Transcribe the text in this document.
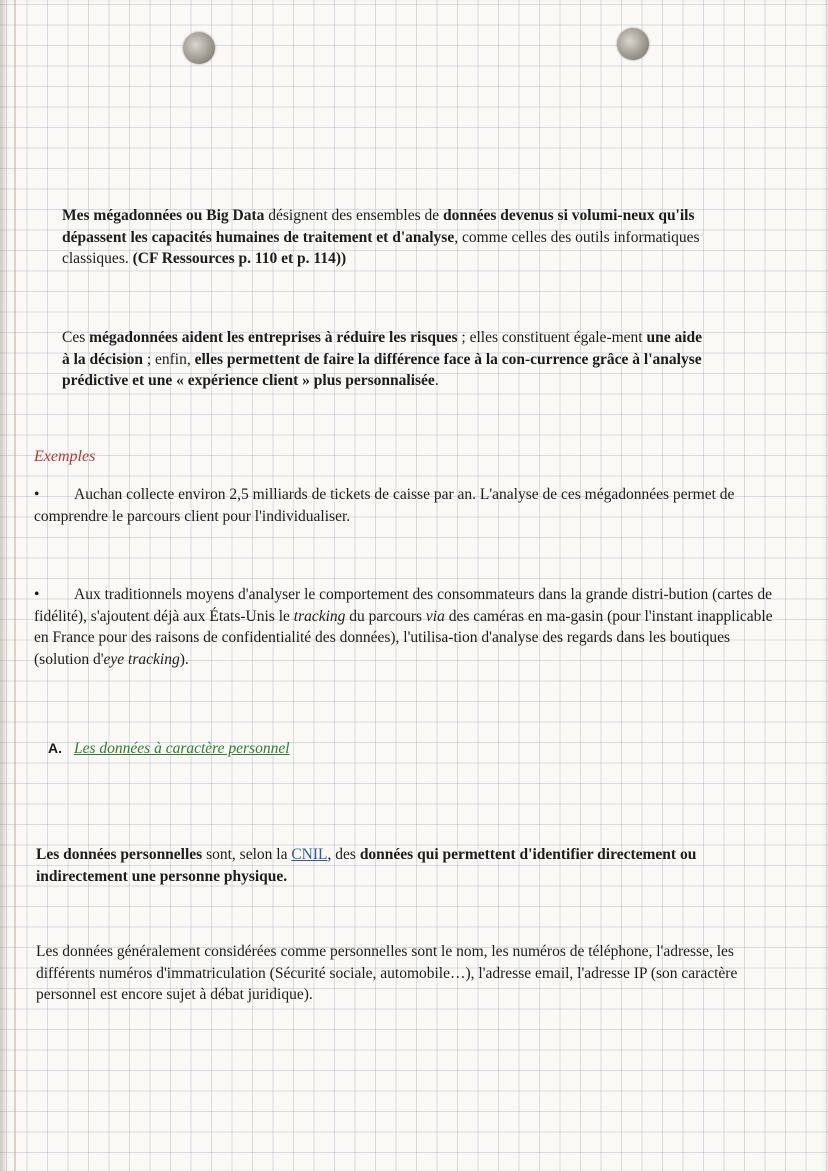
Mes mégadonnées ou Big Data désignent des ensembles de données devenus si volumi-neux qu'ils dépassent les capacités humaines de traitement et d'analyse, comme celles des outils informatiques classiques. (CF Ressources p. 110 et p. 114))
Ces mégadonnées aident les entreprises à réduire les risques ; elles constituent égale-ment une aide à la décision ; enfin, elles permettent de faire la différence face à la con-currence grâce à l'analyse prédictive et une « expérience client » plus personnalisée.
Exemples
• Auchan collecte environ 2,5 milliards de tickets de caisse par an. L'analyse de ces mégadonnées permet de comprendre le parcours client pour l'individualiser.
• Aux traditionnels moyens d'analyser le comportement des consommateurs dans la grande distri-bution (cartes de fidélité), s'ajoutent déjà aux États-Unis le tracking du parcours via des caméras en ma-gasin (pour l'instant inapplicable en France pour des raisons de confidentialité des données), l'utilisa-tion d'analyse des regards dans les boutiques (solution d'eye tracking).
A. Les données à caractère personnel
Les données personnelles sont, selon la CNIL, des données qui permettent d'identifier directement ou indirectement une personne physique.
Les données généralement considérées comme personnelles sont le nom, les numéros de téléphone, l'adresse, les différents numéros d'immatriculation (Sécurité sociale, automobile…), l'adresse email, l'adresse IP (son caractère personnel est encore sujet à débat juridique).
